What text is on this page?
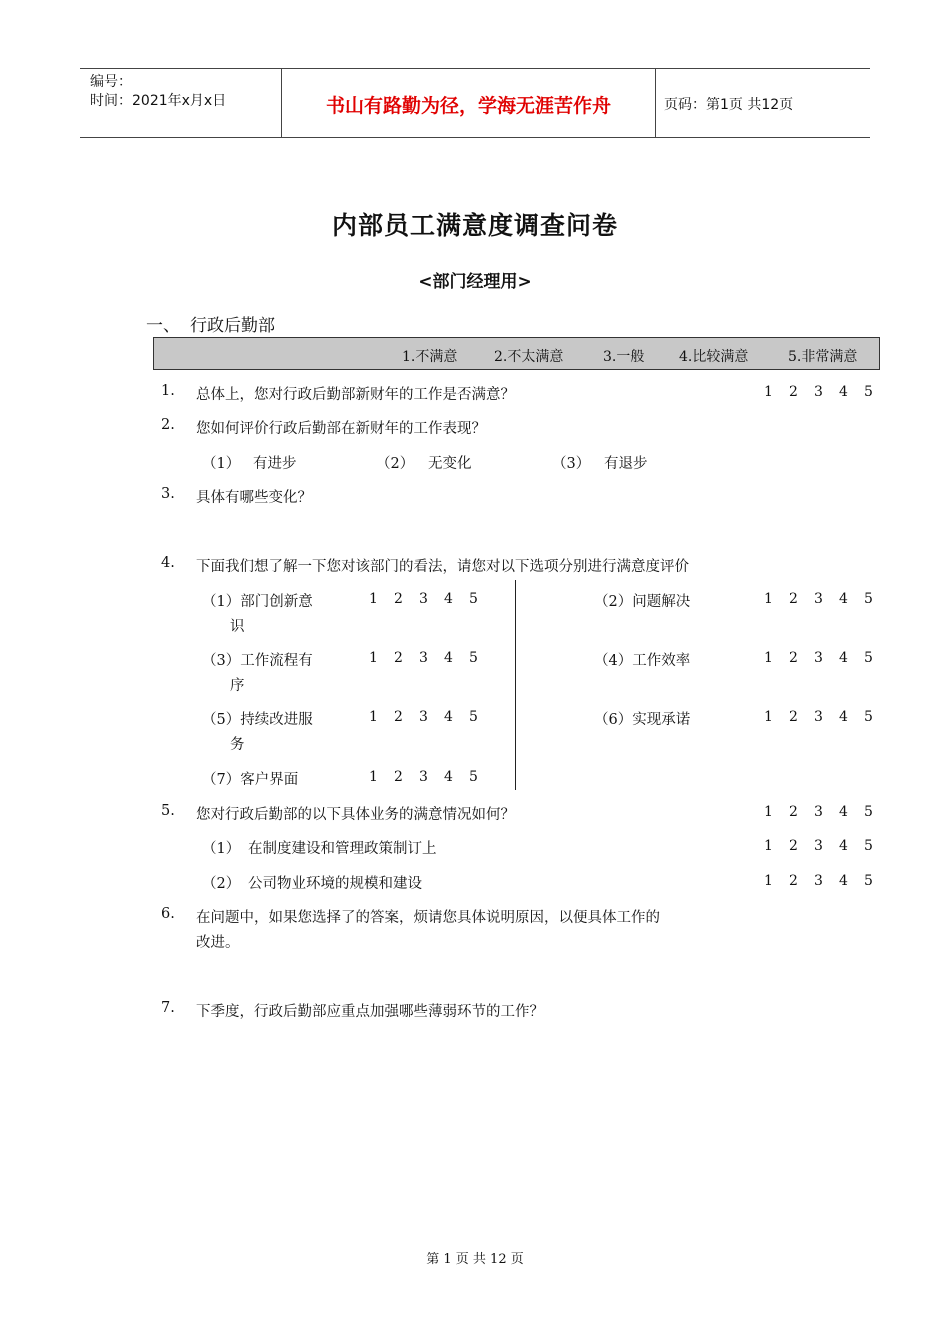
编号：
时间：2021年x月x日	书山有路勤为径，学海无涯苦作舟	页码：第1页 共12页
内部员工满意度调查问卷
<部门经理用>
一、 行政后勤部
1.不满意	2.不太满意	3.一般 4.比较满意	5.非常满意
1. 总体上，您对行政后勤部新财年的工作是否满意？	1 2 3 4 5
2. 您如何评价行政后勤部在新财年的工作表现？
（1） 有进步	（2） 无变化	（3） 有退步
3. 具体有哪些变化？
4. 下面我们想了解一下您对该部门的看法，请您对以下选项分别进行满意度评价
（1）部门创新意
识
1 2 3 4 5	（2）问题解决	1 2 3 4 5
（3）工作流程有
序
1 2 3 4 5	（4）工作效率	1 2 3 4 5
（5）持续改进服
务
1 2 3 4 5	（6）实现承诺	1 2 3 4 5
（7）客户界面	1 2 3 4 5
5. 您对行政后勤部的以下具体业务的满意情况如何？	1 2 3 4 5
（1） 在制度建设和管理政策制订上	1 2 3 4 5
（2） 公司物业环境的规模和建设	1 2 3 4 5
6. 在问题中，如果您选择了的答案，烦请您具体说明原因，以便具体工作的
改进。
7. 下季度，行政后勤部应重点加强哪些薄弱环节的工作？
第 1 页 共 12 页
